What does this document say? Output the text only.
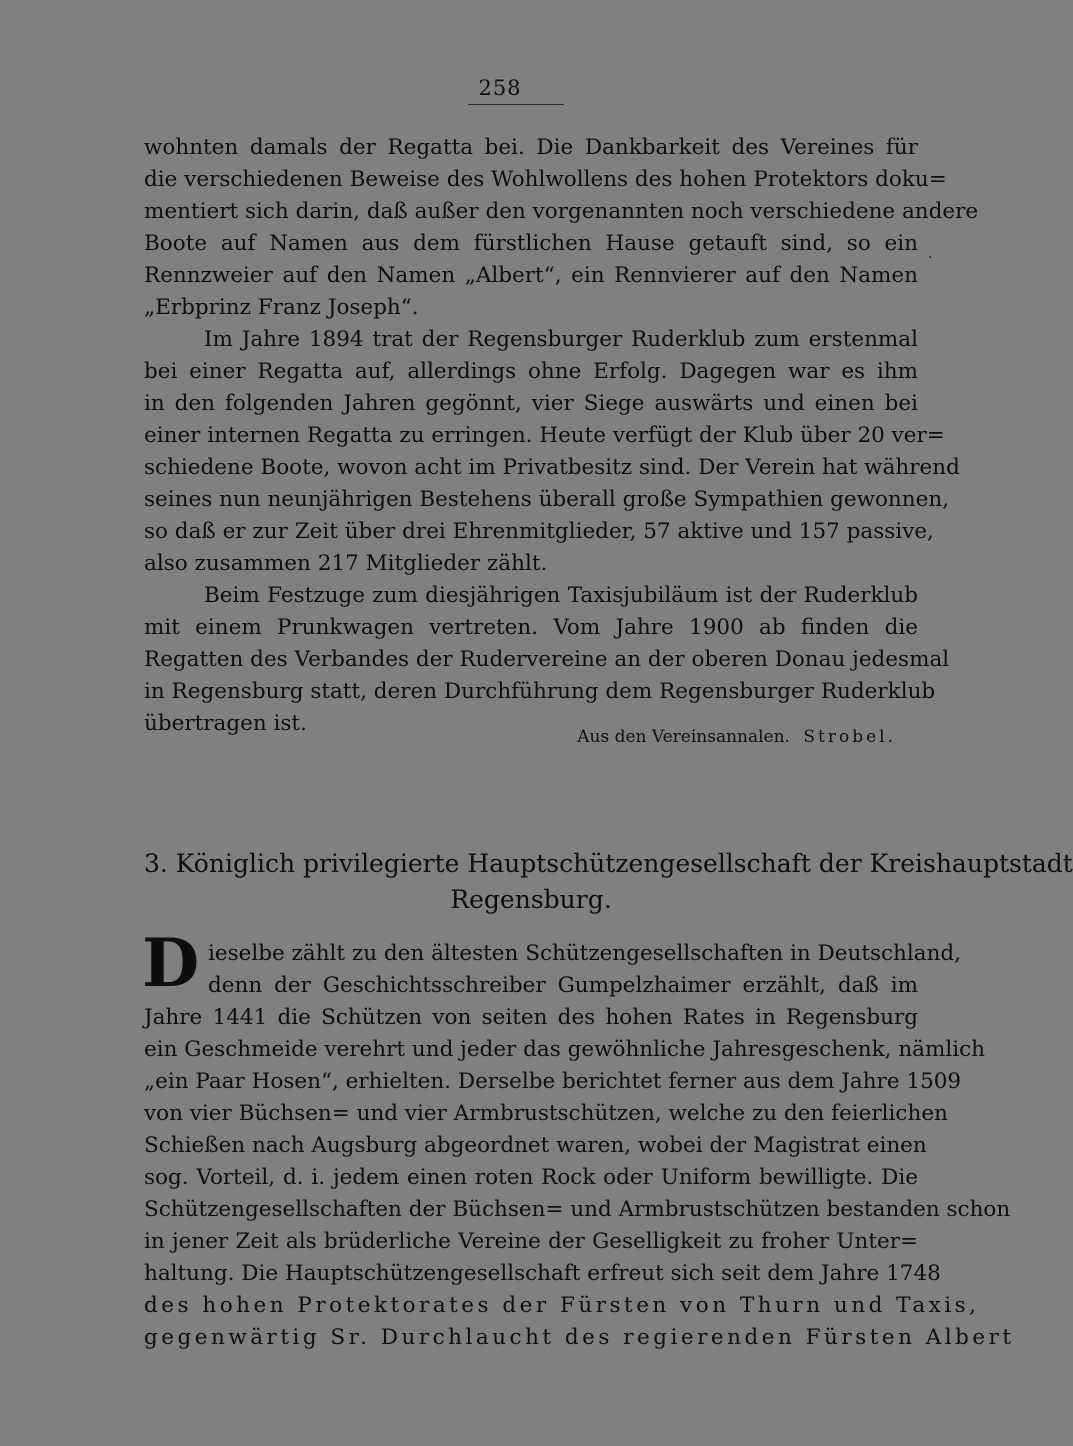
258
wohnten damals der Regatta bei. Die Dankbarkeit des Vereines für
die verschiedenen Beweise des Wohlwollens des hohen Protektors doku=
mentiert sich darin, daß außer den vorgenannten noch verschiedene andere
Boote auf Namen aus dem fürstlichen Hause getauft sind, so ein
Rennzweier auf den Namen „Albert“, ein Rennvierer auf den Namen
„Erbprinz Franz Joseph“.
·
Im Jahre 1894 trat der Regensburger Ruderklub zum erstenmal
bei einer Regatta auf, allerdings ohne Erfolg. Dagegen war es ihm
in den folgenden Jahren gegönnt, vier Siege auswärts und einen bei
einer internen Regatta zu erringen. Heute verfügt der Klub über 20 ver=
schiedene Boote, wovon acht im Privatbesitz sind. Der Verein hat während
seines nun neunjährigen Bestehens überall große Sympathien gewonnen,
so daß er zur Zeit über drei Ehrenmitglieder, 57 aktive und 157 passive,
also zusammen 217 Mitglieder zählt.
Beim Festzuge zum diesjährigen Taxisjubiläum ist der Ruderklub
mit einem Prunkwagen vertreten. Vom Jahre 1900 ab finden die
Regatten des Verbandes der Rudervereine an der oberen Donau jedesmal
in Regensburg statt, deren Durchführung dem Regensburger Ruderklub
übertragen ist.
Aus den Vereinsannalen. Strobel.
3. Königlich privilegierte Hauptschützengesellschaft der Kreishauptstadt
Regensburg.
D ieselbe zählt zu den ältesten Schützengesellschaften in Deutschland,
denn der Geschichtsschreiber Gumpelzhaimer erzählt, daß im
Jahre 1441 die Schützen von seiten des hohen Rates in Regensburg
ein Geschmeide verehrt und jeder das gewöhnliche Jahresgeschenk, nämlich
„ein Paar Hosen“, erhielten. Derselbe berichtet ferner aus dem Jahre 1509
von vier Büchsen= und vier Armbrustschützen, welche zu den feierlichen
Schießen nach Augsburg abgeordnet waren, wobei der Magistrat einen
sog. Vorteil, d. i. jedem einen roten Rock oder Uniform bewilligte. Die
Schützengesellschaften der Büchsen= und Armbrustschützen bestanden schon
in jener Zeit als brüderliche Vereine der Geselligkeit zu froher Unter=
haltung. Die Hauptschützengesellschaft erfreut sich seit dem Jahre 1748
des hohen Protektorates der Fürsten von Thurn und Taxis,
gegenwärtig Sr. Durchlaucht des regierenden Fürsten Albert
